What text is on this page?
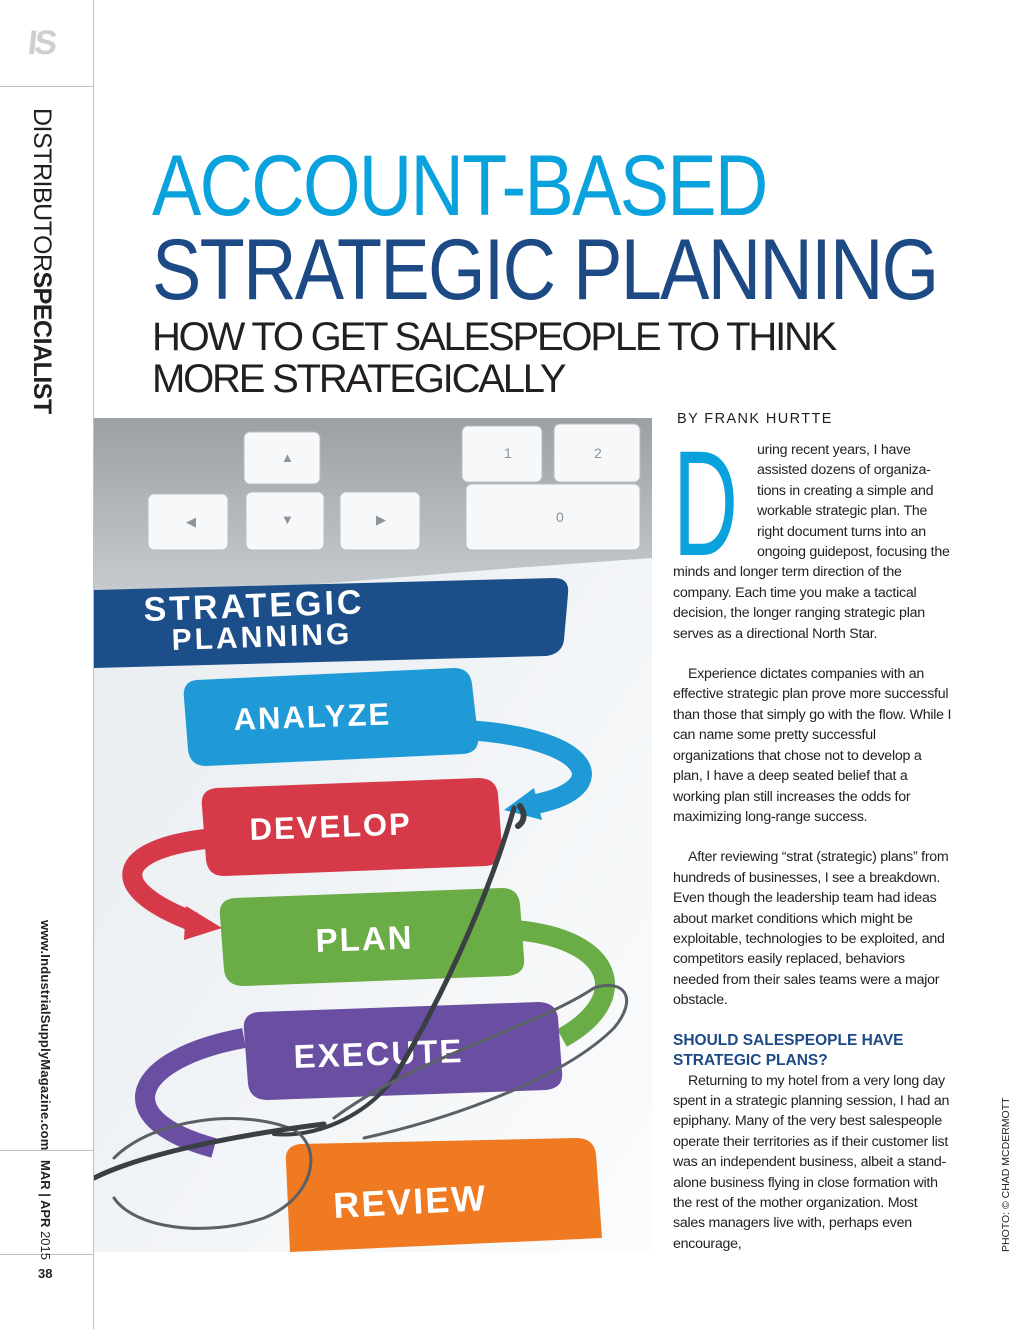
IS
DISTRIBUTORSPECIALIST
www.IndustrialSupplyMagazine.com
MAR | APR 2015
38
ACCOUNT-BASED
STRATEGIC PLANNING
HOW TO GET SALESPEOPLE TO THINK
MORE STRATEGICALLY
▲
◀	▼	▶
1	2
0
STRATEGIC
PLANNING
ANALYZE
DEVELOP
PLAN
EXECUTE
REVIEW
BY FRANK HURTTE

D uring recent years, I have assisted dozens of organizations in creating a simple and workable strategic plan. The right document turns into an ongoing guidepost, focusing the minds and longer term direction of the company. Each time you make a tactical decision, the longer ranging strategic plan serves as a directional North Star.

Experience dictates companies with an effective strategic plan prove more successful than those that simply go with the flow. While I can name some pretty successful organizations that chose not to develop a plan, I have a deep seated belief that a working plan still increases the odds for maximizing long-range success.

After reviewing “strat (strategic) plans” from hundreds of businesses, I see a breakdown. Even though the leadership team had ideas about market conditions which might be exploitable, technologies to be exploited, and competitors easily replaced, behaviors needed from their sales teams were a major obstacle.

SHOULD SALESPEOPLE HAVE STRATEGIC PLANS?

Returning to my hotel from a very long day spent in a strategic planning session, I had an epiphany. Many of the very best salespeople operate their territories as if their customer list was an independent business, albeit a stand-alone business flying in close formation with the rest of the mother organization. Most sales managers live with, perhaps even encourage,	PHOTO: © CHAD MCDERMOTT
